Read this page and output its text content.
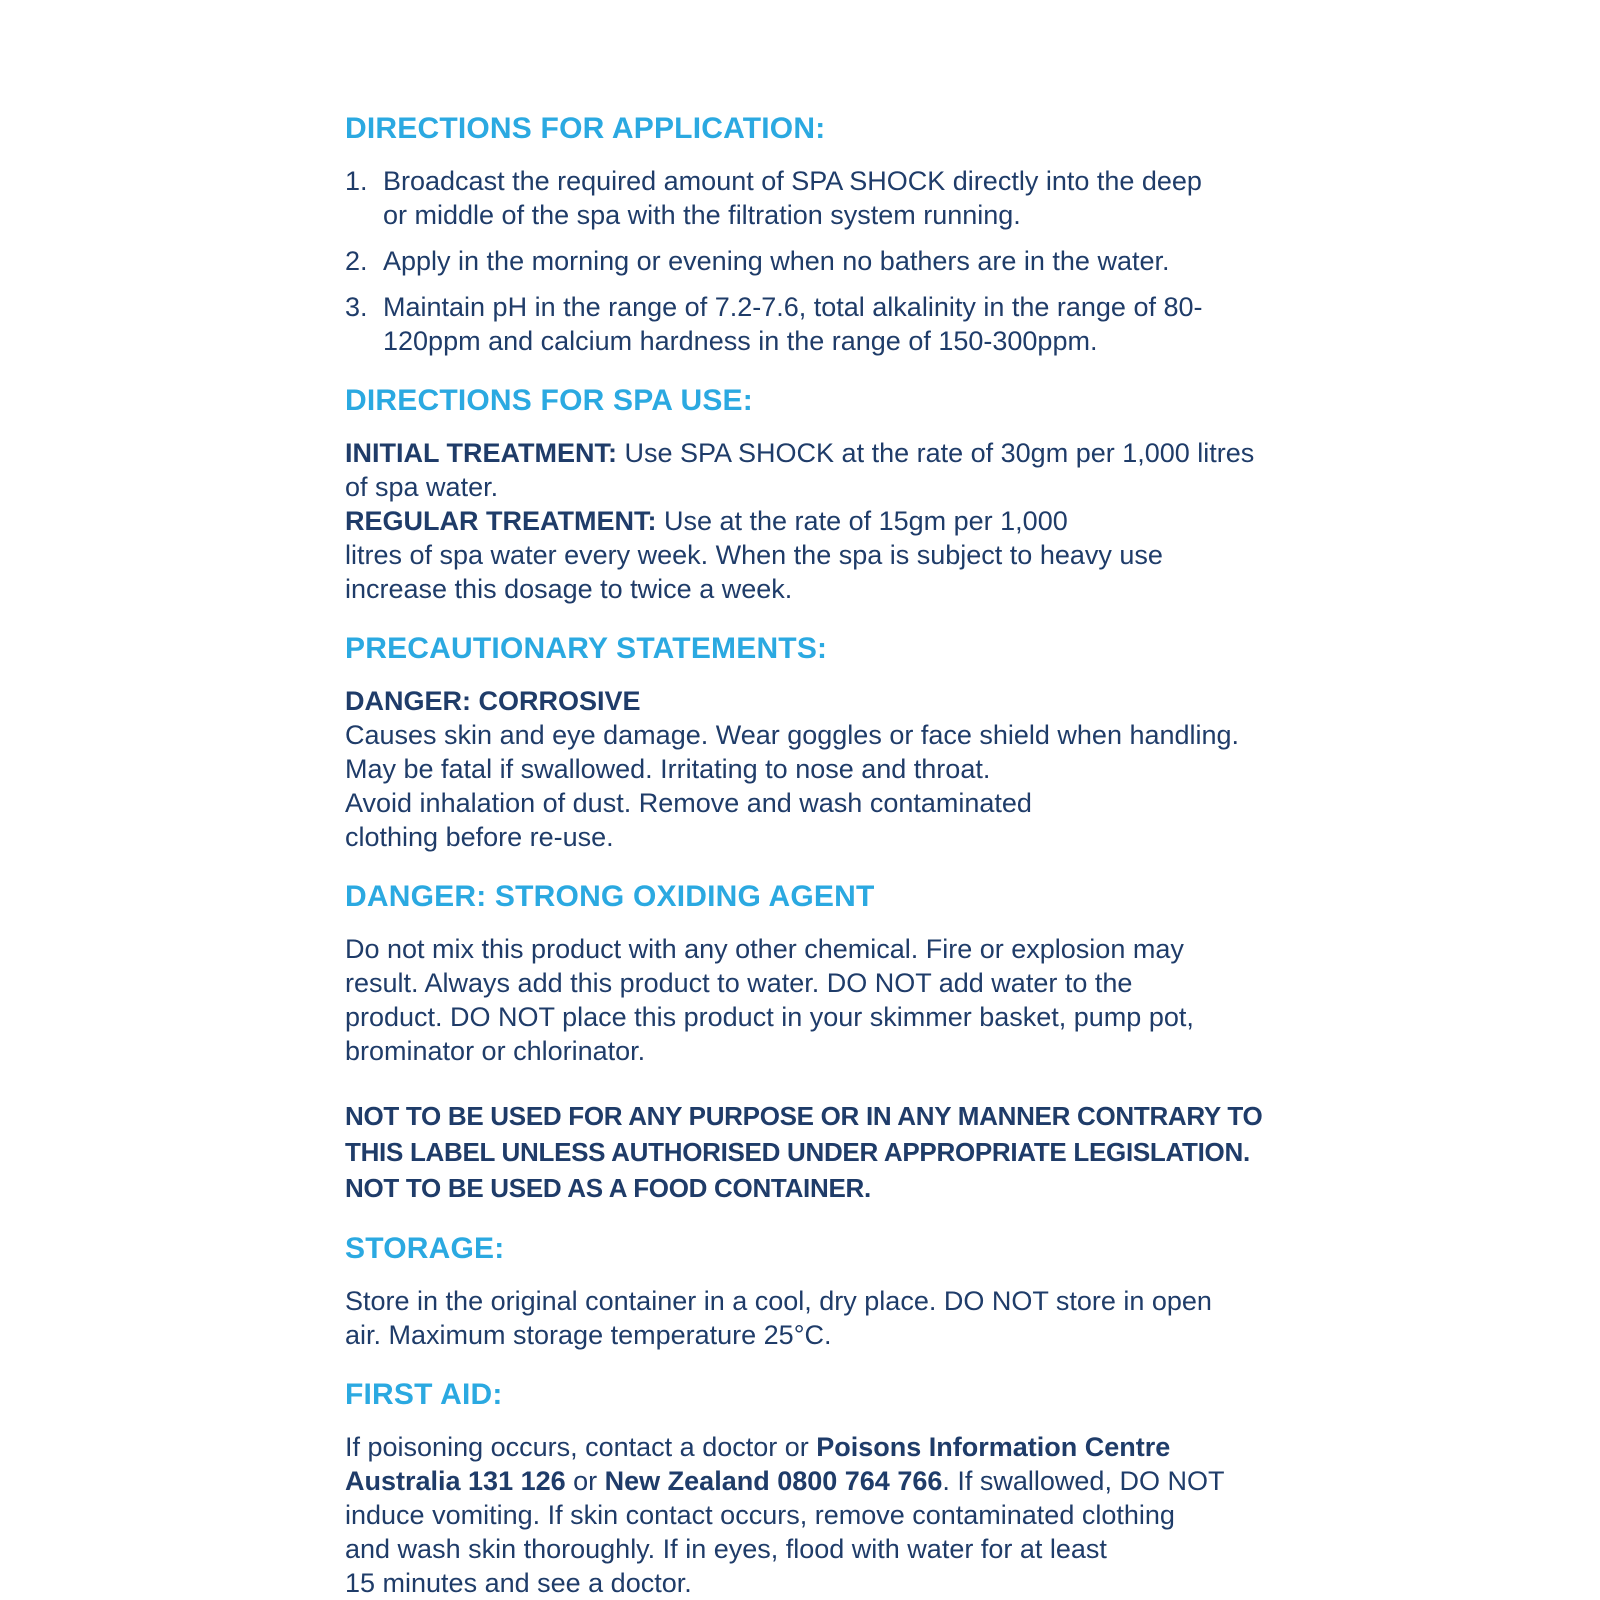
DIRECTIONS FOR APPLICATION:
1. Broadcast the required amount of SPA SHOCK directly into the deep
or middle of the spa with the filtration system running.
2. Apply in the morning or evening when no bathers are in the water.
3. Maintain pH in the range of 7.2-7.6, total alkalinity in the range of 80-
120ppm and calcium hardness in the range of 150-300ppm.
DIRECTIONS FOR SPA USE:
INITIAL TREATMENT: Use SPA SHOCK at the rate of 30gm per 1,000 litres
of spa water.
REGULAR TREATMENT: Use at the rate of 15gm per 1,000
litres of spa water every week. When the spa is subject to heavy use
increase this dosage to twice a week.
PRECAUTIONARY STATEMENTS:
DANGER: CORROSIVE
Causes skin and eye damage. Wear goggles or face shield when handling.
May be fatal if swallowed. Irritating to nose and throat.
Avoid inhalation of dust. Remove and wash contaminated
clothing before re-use.
DANGER: STRONG OXIDING AGENT
Do not mix this product with any other chemical. Fire or explosion may
result. Always add this product to water. DO NOT add water to the
product. DO NOT place this product in your skimmer basket, pump pot,
brominator or chlorinator.
NOT TO BE USED FOR ANY PURPOSE OR IN ANY MANNER CONTRARY TO
THIS LABEL UNLESS AUTHORISED UNDER APPROPRIATE LEGISLATION.
NOT TO BE USED AS A FOOD CONTAINER.
STORAGE:
Store in the original container in a cool, dry place. DO NOT store in open
air. Maximum storage temperature 25°C.
FIRST AID:
If poisoning occurs, contact a doctor or Poisons Information Centre
Australia 131 126 or New Zealand 0800 764 766. If swallowed, DO NOT
induce vomiting. If skin contact occurs, remove contaminated clothing
and wash skin thoroughly. If in eyes, flood with water for at least
15 minutes and see a doctor.
